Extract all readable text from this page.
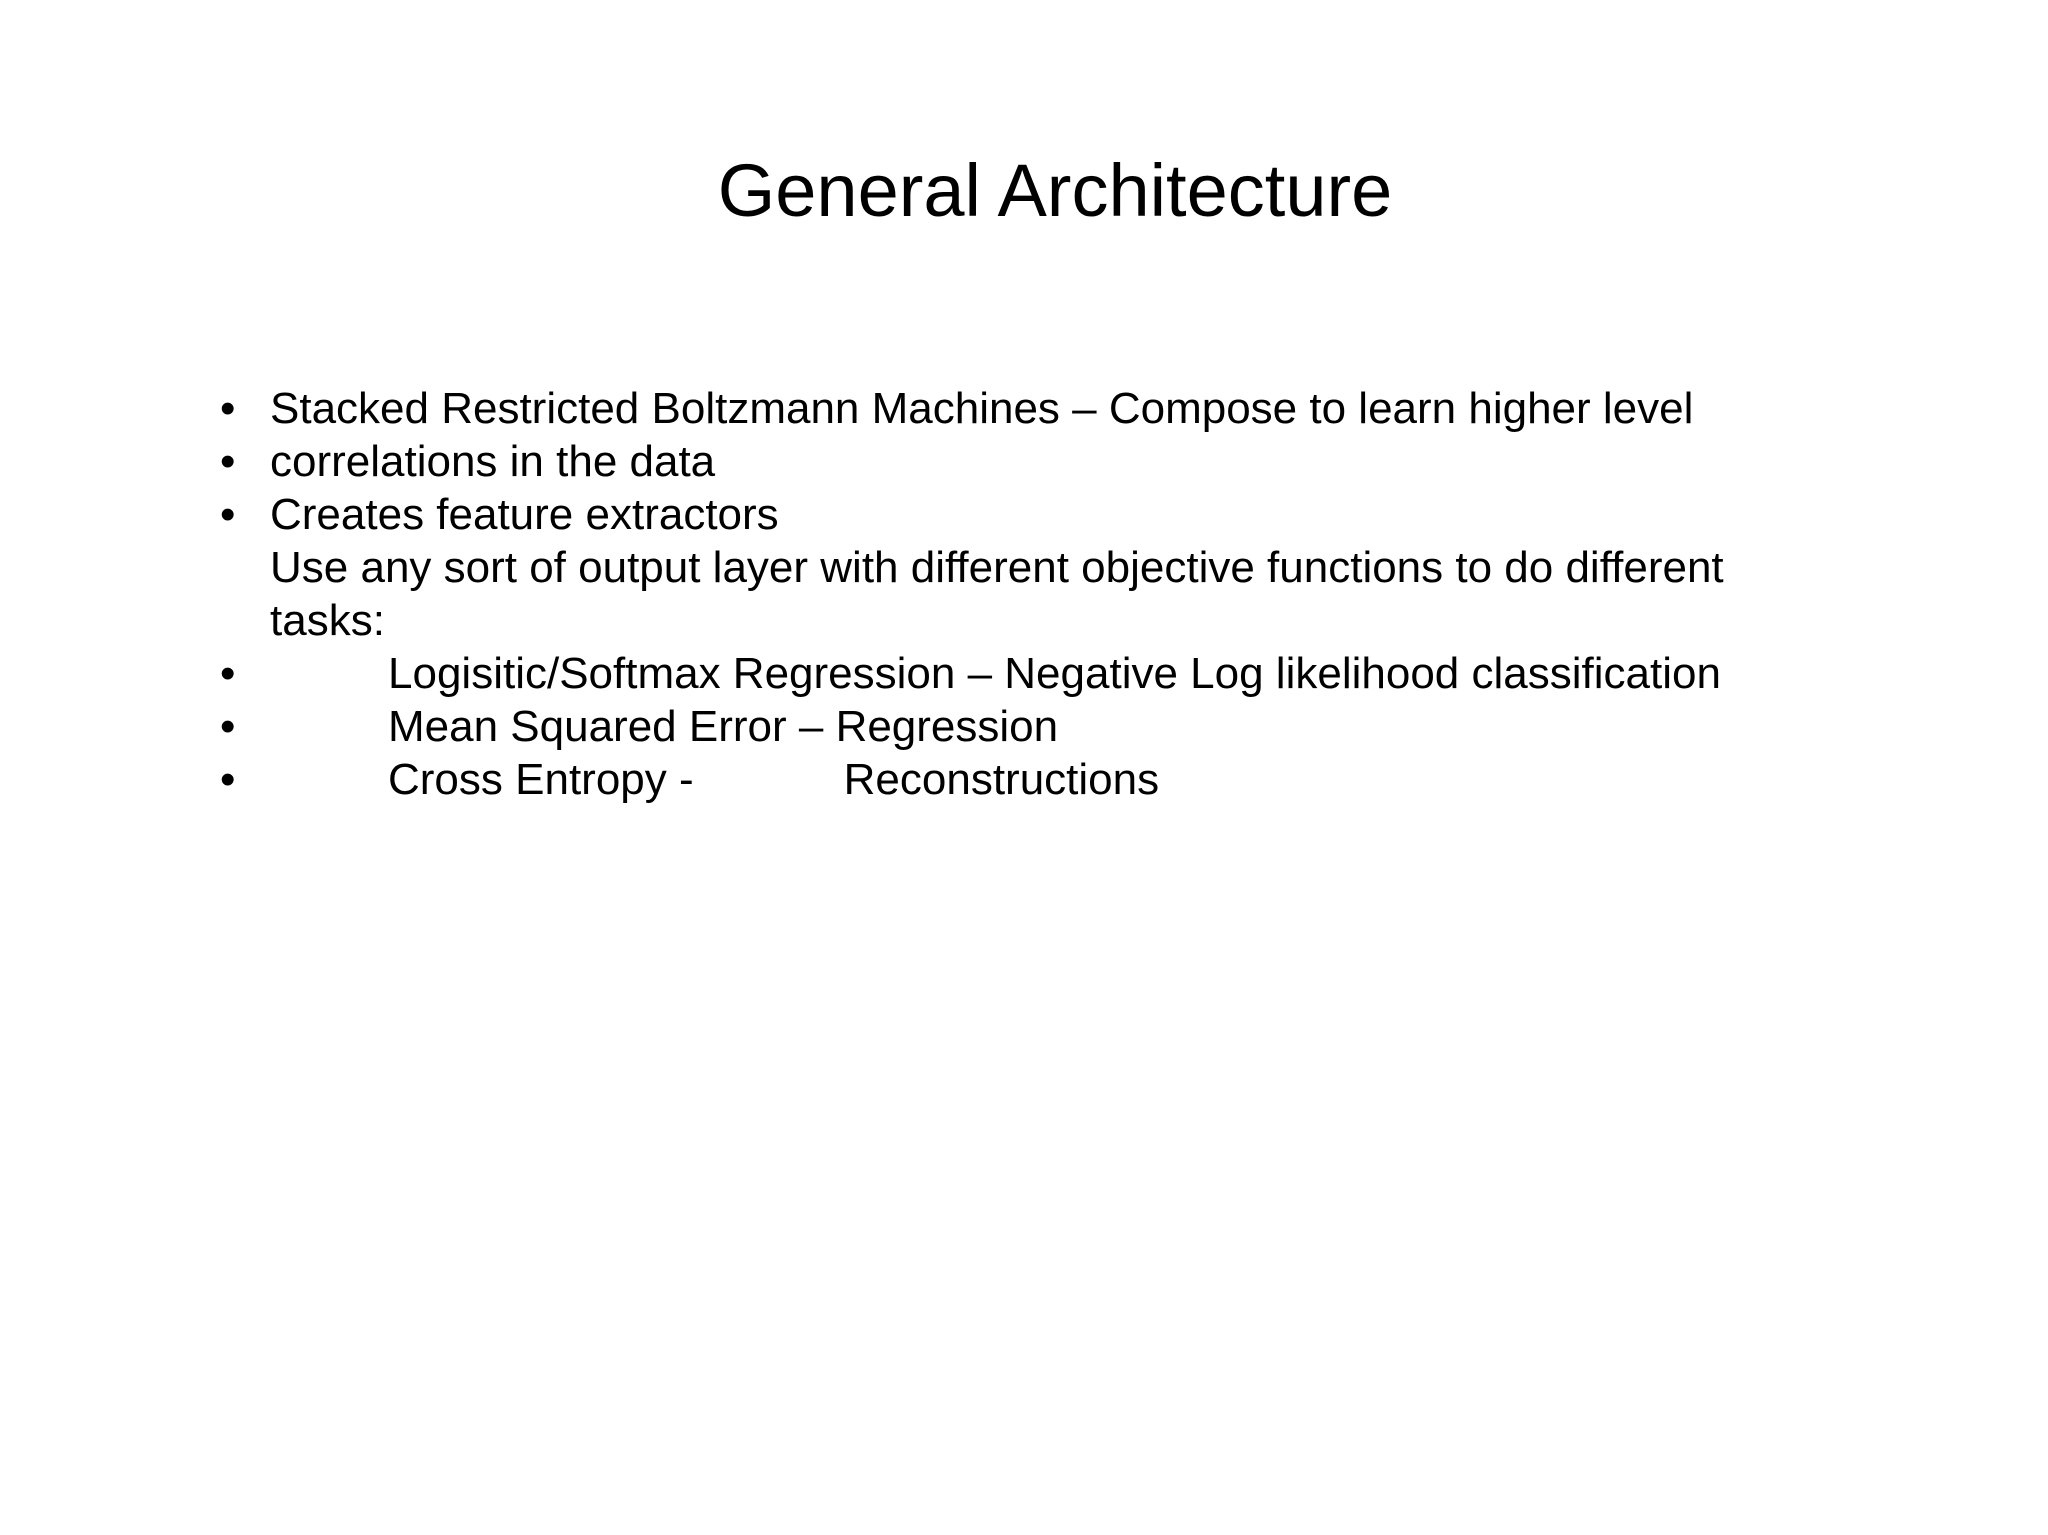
General Architecture
• Stacked Restricted Boltzmann Machines – Compose to learn higher level
• correlations in the data
• Creates feature extractors
Use any sort of output layer with different objective functions to do different
tasks:
•	Logisitic/Softmax Regression – Negative Log likelihood classification
•	Mean Squared Error – Regression
•	Cross Entropy -	Reconstructions
